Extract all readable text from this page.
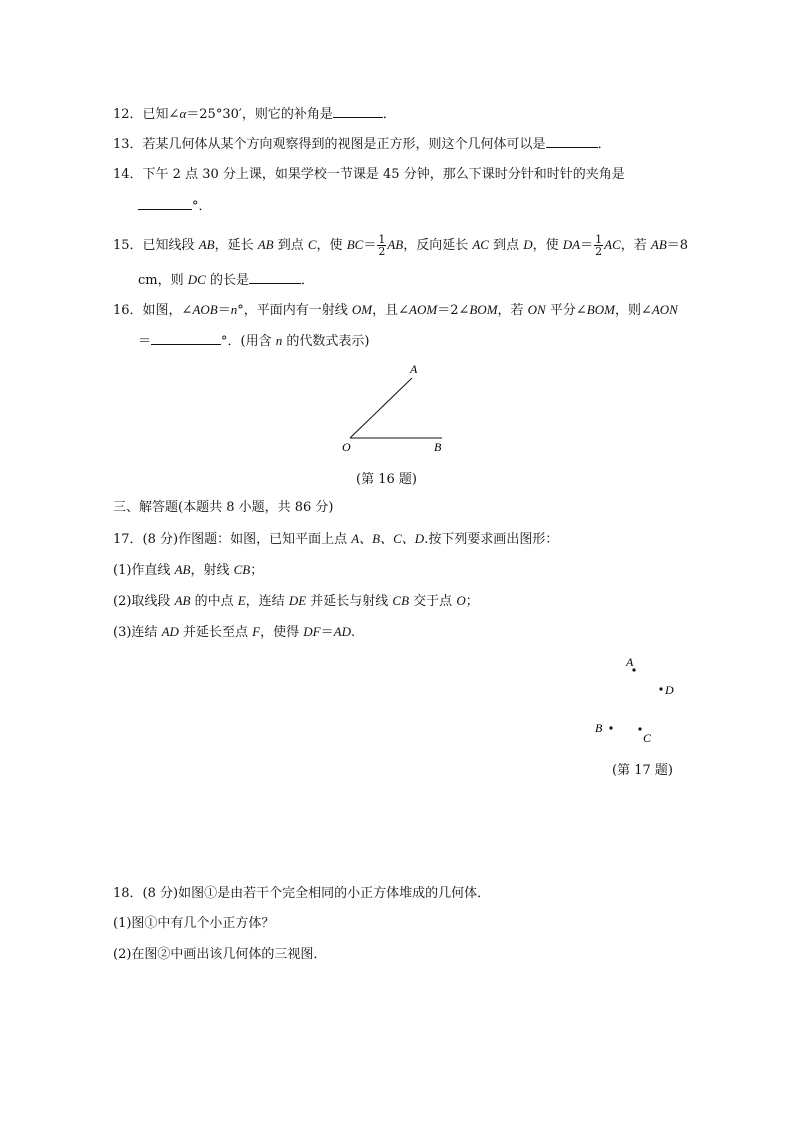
12．已知∠α＝25°30′，则它的补角是	．
13．若某几何体从某个方向观察得到的视图是正方形，则这个几何体可以是	．
14．下午 2 点 30 分上课，如果学校一节课是 45 分钟，那么下课时分针和时针的夹角是
°．
15．已知线段 AB，延长 AB 到点 C，使 $BC= \frac{1}{2}$ AB，反向延长 AC 到点 D，使 $DA= \frac{1}{2}$ AC，若 AB＝8
cm，则 DC 的长是	．
16．如图，∠AOB＝n°，平面内有一射线 OM，且∠AOM＝2∠BOM，若 ON 平分∠BOM，则∠AON
＝	°．(用含 n 的代数式表示)
A
O	B
(第 16 题)
三、解答题(本题共 8 小题，共 86 分)
17．(8 分)作图题：如图，已知平面上点 A、B、C、D.按下列要求画出图形：
(1)作直线 AB，射线 CB；
(2)取线段 AB 的中点 E，连结 DE 并延长与射线 CB 交于点 O；
(3)连结 AD 并延长至点 F，使得 DF＝AD.
A
D
B
C
(第 17 题)
18．(8 分)如图①是由若干个完全相同的小正方体堆成的几何体．
(1)图①中有几个小正方体？
(2)在图②中画出该几何体的三视图．
